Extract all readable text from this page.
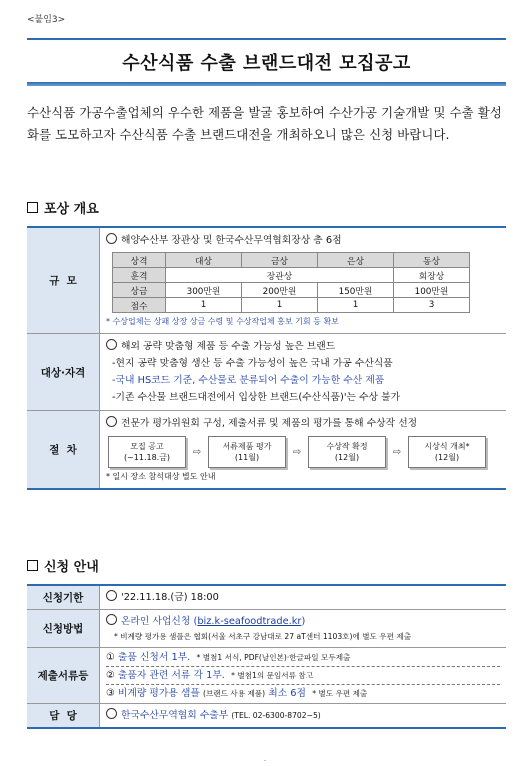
<붙임3>
수산식품 수출 브랜드대전 모집공고
수산식품 가공수출업체의 우수한 제품을 발굴 홍보하여 수산가공 기술개발 및 수출 활성화를 도모하고자 수산식품 수출 브랜드대전을 개최하오니 많은 신청 바랍니다.
포상 개요
규  모
해양수산부 장관상 및 한국수산무역협회장상 총 6점
상격	대상	금상	은상	동상
훈격	장관상			회장상
상금	300만원	200만원	150만원	100만원
점수	1	1	1	3
* 수상업체는 상패 상장 상금 수령 및 수상작업체 홍보 기회 등 확보
대상·자격
해외 공략 맞춤형 제품 등 수출 가능성 높은 브랜드
-현지 공략 맞춤형 생산 등 수출 가능성이 높은 국내 가공 수산식품
-국내 HS코드 기준, 수산물로 분류되어 수출이 가능한 수산 제품
-기존 수산물 브랜드대전에서 입상한 브랜드(수산식품)'는 수상 불가
절  차
전문가 평가위원회 구성, 제출서류 및 제품의 평가를 통해 수상작 선정
모집 공고
(~11.18.금)	⇨	서류제품 평가
(11월)	⇨	수상작 확정
(12월)	⇨	시상식 개최*
(12월)
* 일시 장소 참석대상 별도 안내
신청 안내
신청기한	'22.11.18.(금) 18:00
신청방법
온라인 사업신청 (biz.k-seafoodtrade.kr)
* 비계량 평가용 샘플은 협회(서울 서초구 강남대로 27 aT센터 1103호)에 별도 우편 제출
제출서류등
① 출품 신청서 1부. * 별첨1 서식, PDF(날인본)·한글파일 모두제출
② 출품자 관련 서류 각 1부. * 별첨1의 문임서류 참고
③ 비계량 평가용 샘플 (브랜드 사용 제품) 최소 6점 * 별도 우편 제출
담  당	한국수산무역협회 수출부 (TEL. 02-6300-8702~5)
-
